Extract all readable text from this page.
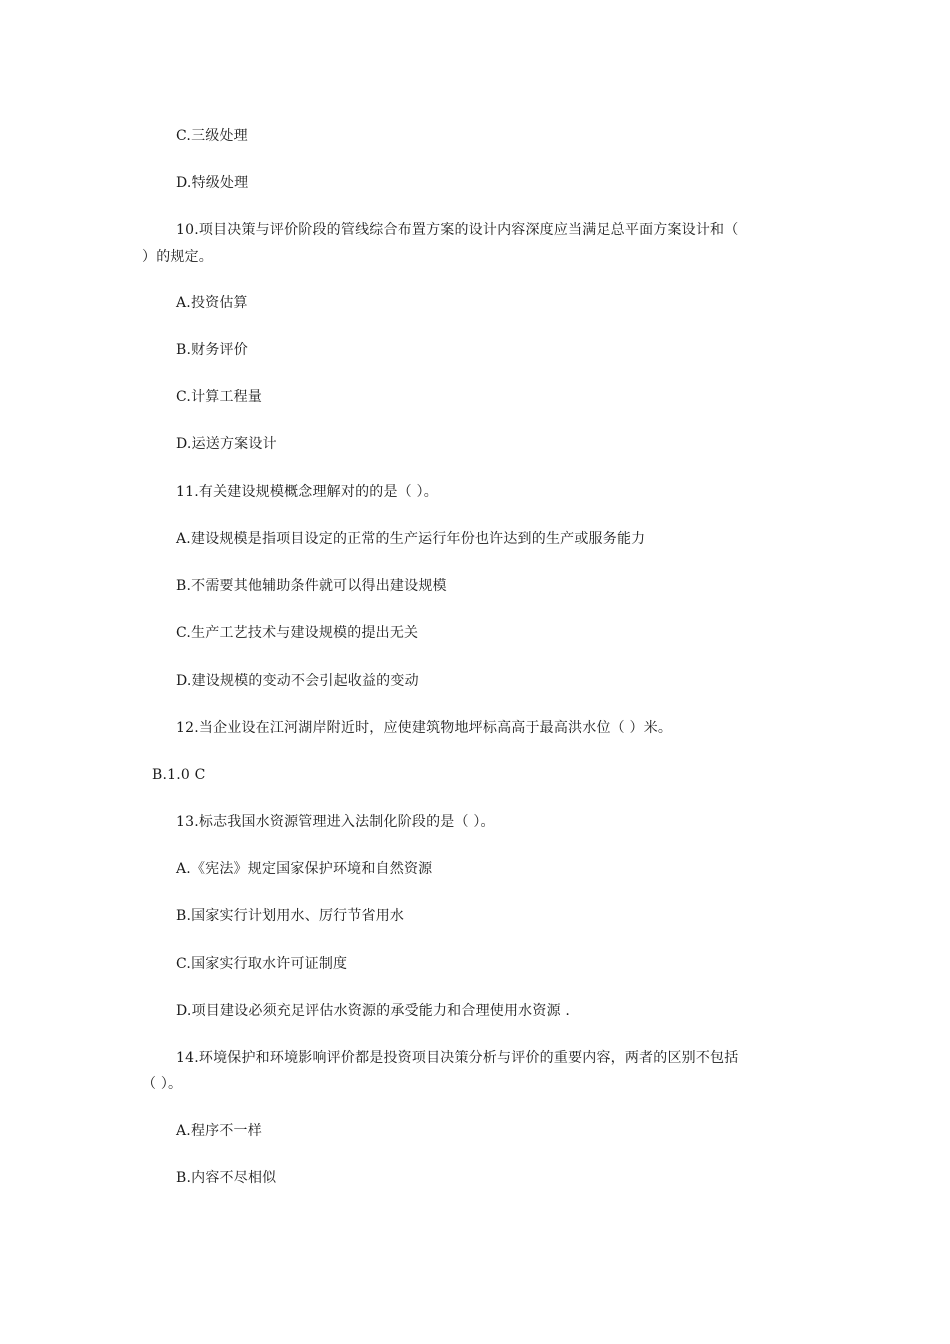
C.三级处理
D.特级处理
10.项目决策与评价阶段的管线综合布置方案的设计内容深度应当满足总平面方案设计和（
）的规定。
A.投资估算
B.财务评价
C.计算工程量
D.运送方案设计
11.有关建设规模概念理解对的的是（ ）。
A.建设规模是指项目设定的正常的生产运行年份也许达到的生产或服务能力
B.不需要其他辅助条件就可以得出建设规模
C.生产工艺技术与建设规模的提出无关
D.建设规模的变动不会引起收益的变动
12.当企业设在江河湖岸附近时，应使建筑物地坪标高高于最高洪水位（ ）米。
B.1.0 C
13.标志我国水资源管理进入法制化阶段的是（ ）。
A.《宪法》规定国家保护环境和自然资源
B.国家实行计划用水、厉行节省用水
C.国家实行取水许可证制度
D.项目建设必须充足评估水资源的承受能力和合理使用水资源 .
14.环境保护和环境影响评价都是投资项目决策分析与评价的重要内容，两者的区别不包括
（ ）。
A.程序不一样
B.内容不尽相似
